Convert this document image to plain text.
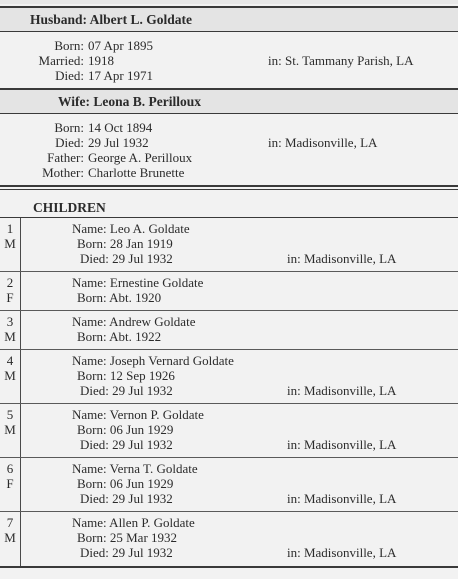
Husband: Albert L. Goldate
Born: 07 Apr 1895
Married: 1918	in: St. Tammany Parish, LA
Died: 17 Apr 1971
Wife: Leona B. Perilloux
Born: 14 Oct 1894
Died: 29 Jul 1932	in: Madisonville, LA
Father: George A. Perilloux
Mother: Charlotte Brunette
CHILDREN
1
M
Name: Leo A. Goldate
Born: 28 Jan 1919
Died: 29 Jul 1932	in: Madisonville, LA
2
F
Name: Ernestine Goldate
Born: Abt. 1920
3
M
Name: Andrew Goldate
Born: Abt. 1922
4
M
Name: Joseph Vernard Goldate
Born: 12 Sep 1926
Died: 29 Jul 1932	in: Madisonville, LA
5
M
Name: Vernon P. Goldate
Born: 06 Jun 1929
Died: 29 Jul 1932	in: Madisonville, LA
6
F
Name: Verna T. Goldate
Born: 06 Jun 1929
Died: 29 Jul 1932	in: Madisonville, LA
7
M
Name: Allen P. Goldate
Born: 25 Mar 1932
Died: 29 Jul 1932	in: Madisonville, LA
